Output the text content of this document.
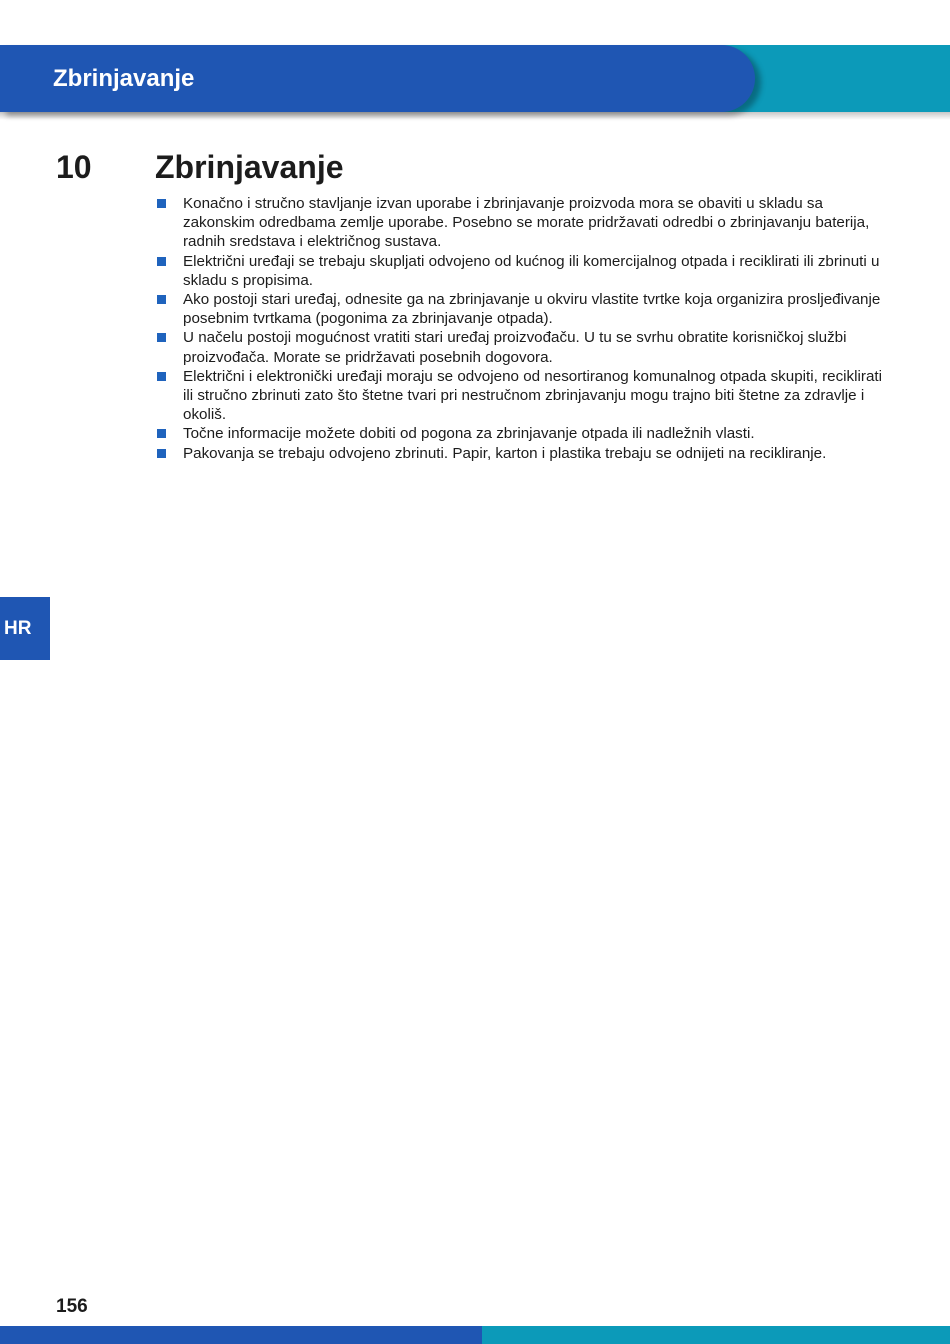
Zbrinjavanje
10 Zbrinjavanje
Konačno i stručno stavljanje izvan uporabe i zbrinjavanje proizvoda mora se obaviti u skladu sa zakonskim odredbama zemlje uporabe. Posebno se morate pridržavati odredbi o zbrinjavanju baterija, radnih sredstava i električnog sustava.
Električni uređaji se trebaju skupljati odvojeno od kućnog ili komercijalnog otpada i reciklirati ili zbrinuti u skladu s propisima.
Ako postoji stari uređaj, odnesite ga na zbrinjavanje u okviru vlastite tvrtke koja organizira prosljeđivanje posebnim tvrtkama (pogonima za zbrinjavanje otpada).
U načelu postoji mogućnost vratiti stari uređaj proizvođaču. U tu se svrhu obratite korisničkoj službi proizvođača. Morate se pridržavati posebnih dogovora.
Električni i elektronički uređaji moraju se odvojeno od nesortiranog komunalnog otpada skupiti, reciklirati ili stručno zbrinuti zato što štetne tvari pri nestručnom zbrinjavanju mogu trajno biti štetne za zdravlje i okoliš.
Točne informacije možete dobiti od pogona za zbrinjavanje otpada ili nadležnih vlasti.
Pakovanja se trebaju odvojeno zbrinuti. Papir, karton i plastika trebaju se odnijeti na recikliranje.
HR
156
